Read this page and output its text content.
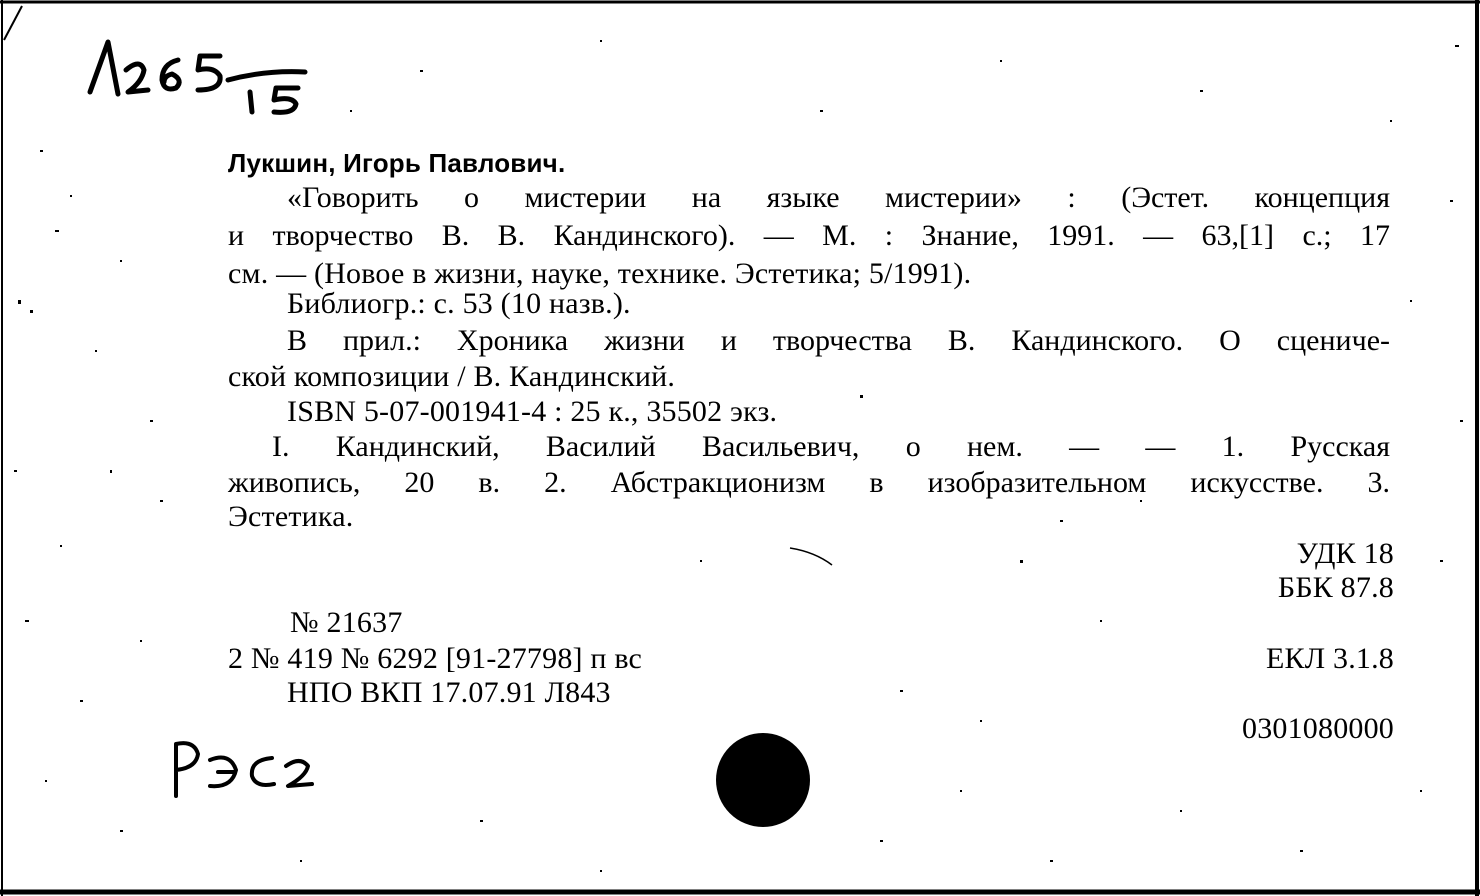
Лукшин, Игорь Павлович.
«Говорить о мистерии на языке мистерии» : (Эстет. концепция
и творчество В. В. Кандинского). — М. : Знание, 1991. — 63,[1] с.; 17
см. — (Новое в жизни, науке, технике. Эстетика; 5/1991).
Библиогр.: с. 53 (10 назв.).
В прил.: Хроника жизни и творчества В. Кандинского. О сцениче-
ской композиции / В. Кандинский.
ISBN 5-07-001941-4 : 25 к., 35502 экз.
I. Кандинский, Василий Васильевич, о нем. — — 1. Русская
живопись, 20 в. 2. Абстракционизм в изобразительном искусстве. 3.
Эстетика.
УДК 18
ББК 87.8
ЕКЛ 3.1.8
0301080000
№ 21637
2 № 419 № 6292 [91-27798] п вс
НПО ВКП 17.07.91 Л843
